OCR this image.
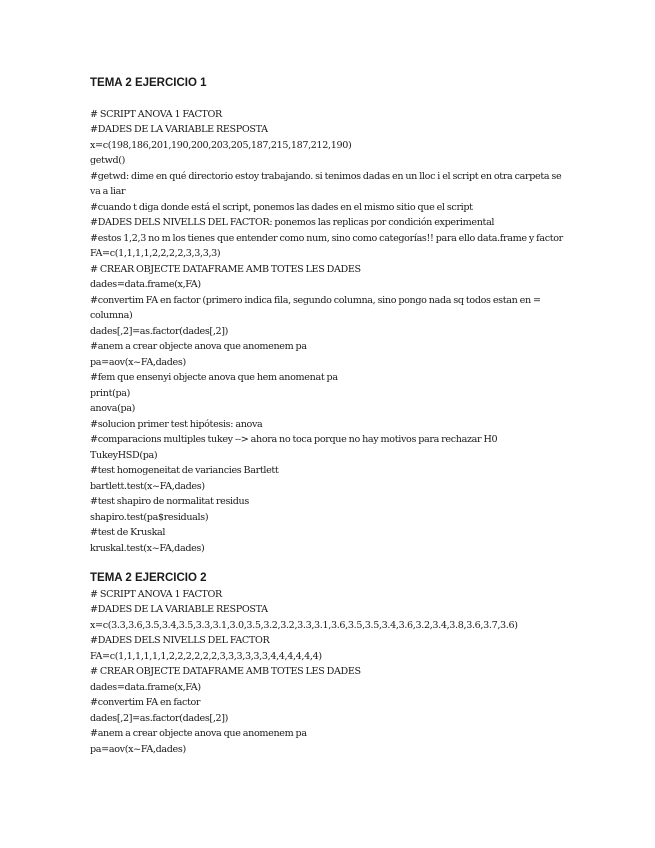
TEMA 2 EJERCICIO 1
# SCRIPT ANOVA 1 FACTOR
#DADES DE LA VARIABLE RESPOSTA
x=c(198,186,201,190,200,203,205,187,215,187,212,190)
getwd()
#getwd: dime en qué directorio estoy trabajando. si tenimos dadas en un lloc i el script en otra carpeta se va a liar
#cuando t diga donde está el script, ponemos las dades en el mismo sitio que el script
#DADES DELS NIVELLS DEL FACTOR: ponemos las replicas por condición experimental
#estos 1,2,3 no m los tienes que entender como num, sino como categorías!! para ello data.frame y factor
FA=c(1,1,1,1,2,2,2,2,3,3,3,3)
# CREAR OBJECTE DATAFRAME AMB TOTES LES DADES
dades=data.frame(x,FA)
#convertim FA en factor (primero indica fila, segundo columna, sino pongo nada sq todos estan en = columna)
dades[,2]=as.factor(dades[,2])
#anem a crear objecte anova que anomenem pa
pa=aov(x~FA,dades)
#fem que ensenyi objecte anova que hem anomenat pa
print(pa)
anova(pa)
#solucion primer test hipótesis: anova
#comparacions multiples tukey --> ahora no toca porque no hay motivos para rechazar H0
TukeyHSD(pa)
#test homogeneitat de variancies Bartlett
bartlett.test(x~FA,dades)
#test shapiro de normalitat residus
shapiro.test(pa$residuals)
#test de Kruskal
kruskal.test(x~FA,dades)
TEMA 2 EJERCICIO 2
# SCRIPT ANOVA 1 FACTOR
#DADES DE LA VARIABLE RESPOSTA
x=c(3.3,3.6,3.5,3.4,3.5,3.3,3.1,3.0,3.5,3.2,3.2,3.3,3.1,3.6,3.5,3.5,3.4,3.6,3.2,3.4,3.8,3.6,3.7,3.6)
#DADES DELS NIVELLS DEL FACTOR
FA=c(1,1,1,1,1,1,2,2,2,2,2,2,3,3,3,3,3,3,4,4,4,4,4,4)
# CREAR OBJECTE DATAFRAME AMB TOTES LES DADES
dades=data.frame(x,FA)
#convertim FA en factor
dades[,2]=as.factor(dades[,2])
#anem a crear objecte anova que anomenem pa
pa=aov(x~FA,dades)
